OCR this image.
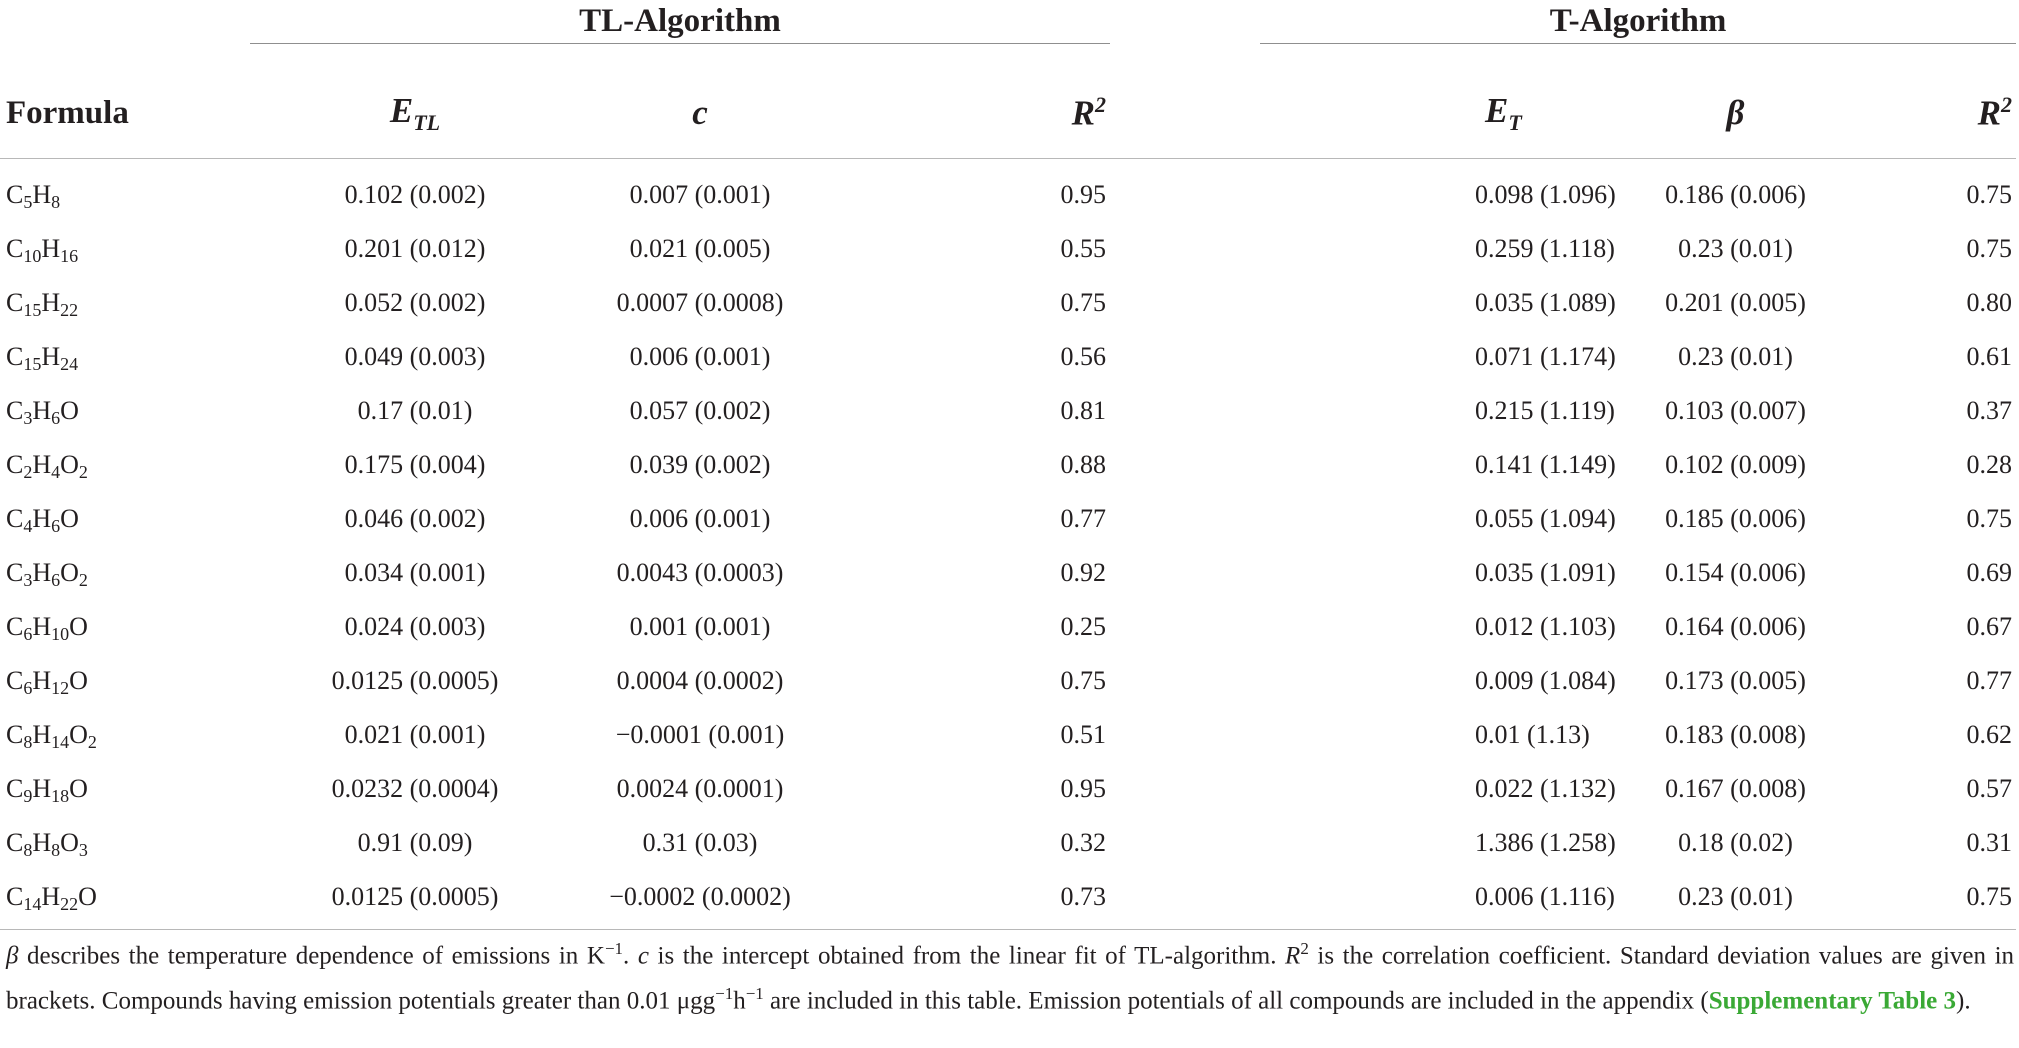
	TL-Algorithm				T-Algorithm			

Formula	$E_{TL}$	c	$R^2$		$E_T$		β	$R^2$
$C_5H_8$	0.102 (0.002)	0.007 (0.001)	0.95		0.098 (1.096)		0.186 (0.006)	0.75
$C_{10}H_{16}$	0.201 (0.012)	0.021 (0.005)	0.55		0.259 (1.118)		0.23 (0.01)	0.75
$C_{15}H_{22}$	0.052 (0.002)	0.0007 (0.0008)	0.75		0.035 (1.089)		0.201 (0.005)	0.80
$C_{15}H_{24}$	0.049 (0.003)	0.006 (0.001)	0.56		0.071 (1.174)		0.23 (0.01)	0.61
$C_3H_6O$	0.17 (0.01)	0.057 (0.002)	0.81		0.215 (1.119)		0.103 (0.007)	0.37
$C_2H_4O_2$	0.175 (0.004)	0.039 (0.002)	0.88		0.141 (1.149)		0.102 (0.009)	0.28
$C_4H_6O$	0.046 (0.002)	0.006 (0.001)	0.77		0.055 (1.094)		0.185 (0.006)	0.75
$C_3H_6O_2$	0.034 (0.001)	0.0043 (0.0003)	0.92		0.035 (1.091)		0.154 (0.006)	0.69
$C_6H_{10}O$	0.024 (0.003)	0.001 (0.001)	0.25		0.012 (1.103)		0.164 (0.006)	0.67
$C_6H_{12}O$	0.0125 (0.0005)	0.0004 (0.0002)	0.75		0.009 (1.084)		0.173 (0.005)	0.77
$C_8H_{14}O_2$	0.021 (0.001)	−0.0001 (0.001)	0.51		0.01 (1.13)		0.183 (0.008)	0.62
$C_9H_{18}O$	0.0232 (0.0004)	0.0024 (0.0001)	0.95		0.022 (1.132)		0.167 (0.008)	0.57
$C_8H_8O_3$	0.91 (0.09)	0.31 (0.03)	0.32		1.386 (1.258)		0.18 (0.02)	0.31
$C_{14}H_{22}O$	0.0125 (0.0005)	−0.0002 (0.0002)	0.73		0.006 (1.116)		0.23 (0.01)	0.75

β describes the temperature dependence of emissions in $K^{-1}$. c is the intercept obtained from the linear fit of TL-algorithm. $R^2$ is the correlation coefficient. Standard deviation values are given in brackets. Compounds having emission potentials greater than 0.01 $\mu gg^{-1}h^{-1}$ are included in this table. Emission potentials of all compounds are included in the appendix (Supplementary Table 3).
